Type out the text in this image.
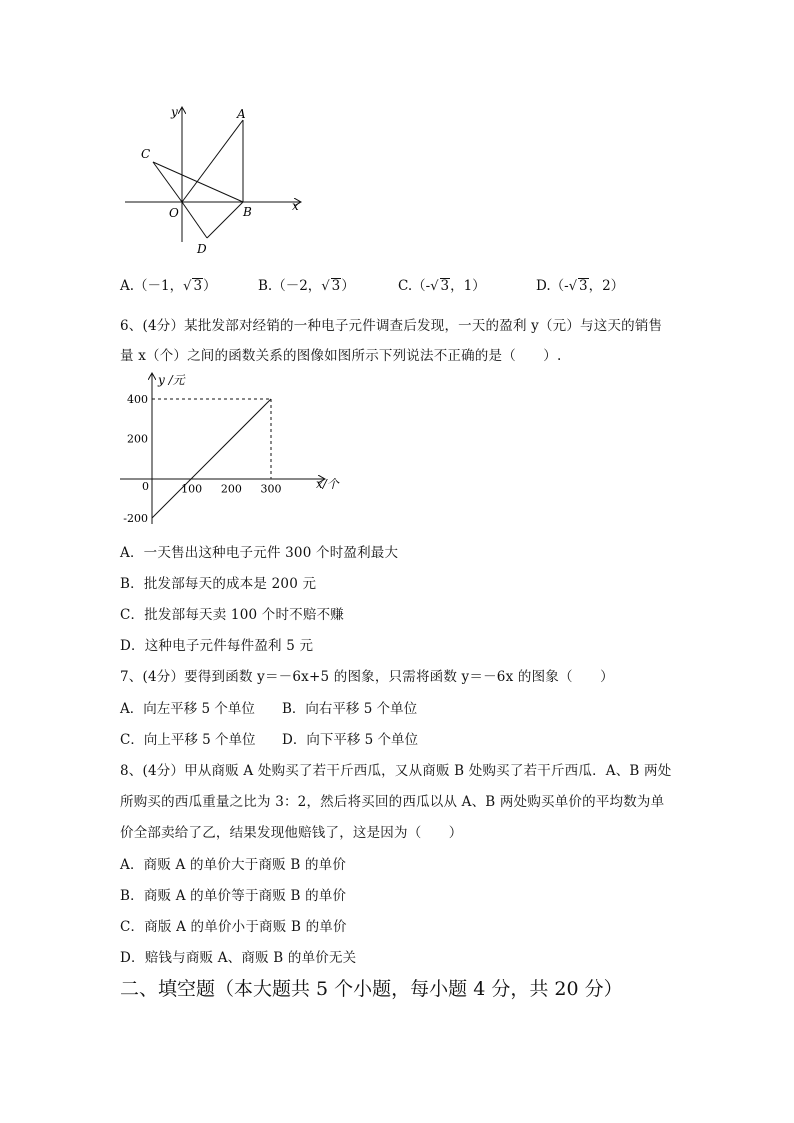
y	A
C
O	B	x
D
A.（－1，√ 3）	B.（－2，√ 3）	C.（-√ 3，1）	D.（-√ 3，2）
6、(4分）某批发部对经销的一种电子元件调查后发现，一天的盈利 y（元）与这天的销售
量 x（个）之间的函数关系的图像如图所示下列说法不正确的是（　　）.
y /元
x/个
0
400
200
-200
100 200 300
A．一天售出这种电子元件 300 个时盈利最大
B．批发部每天的成本是 200 元
C．批发部每天卖 100 个时不赔不赚
D．这种电子元件每件盈利 5 元
7、(4分）要得到函数 y＝－6x+5 的图象，只需将函数 y＝－6x 的图象（　　）
A．向左平移 5 个单位 B．向右平移 5 个单位
C．向上平移 5 个单位 D．向下平移 5 个单位
8、(4分）甲从商贩 A 处购买了若干斤西瓜，又从商贩 B 处购买了若干斤西瓜．A、B 两处
所购买的西瓜重量之比为 3：2，然后将买回的西瓜以从 A、B 两处购买单价的平均数为单
价全部卖给了乙，结果发现他赔钱了，这是因为（　　）
A．商贩 A 的单价大于商贩 B 的单价
B．商贩 A 的单价等于商贩 B 的单价
C．商版 A 的单价小于商贩 B 的单价
D．赔钱与商贩 A、商贩 B 的单价无关
二、填空题（本大题共 5 个小题，每小题 4 分，共 20 分）
